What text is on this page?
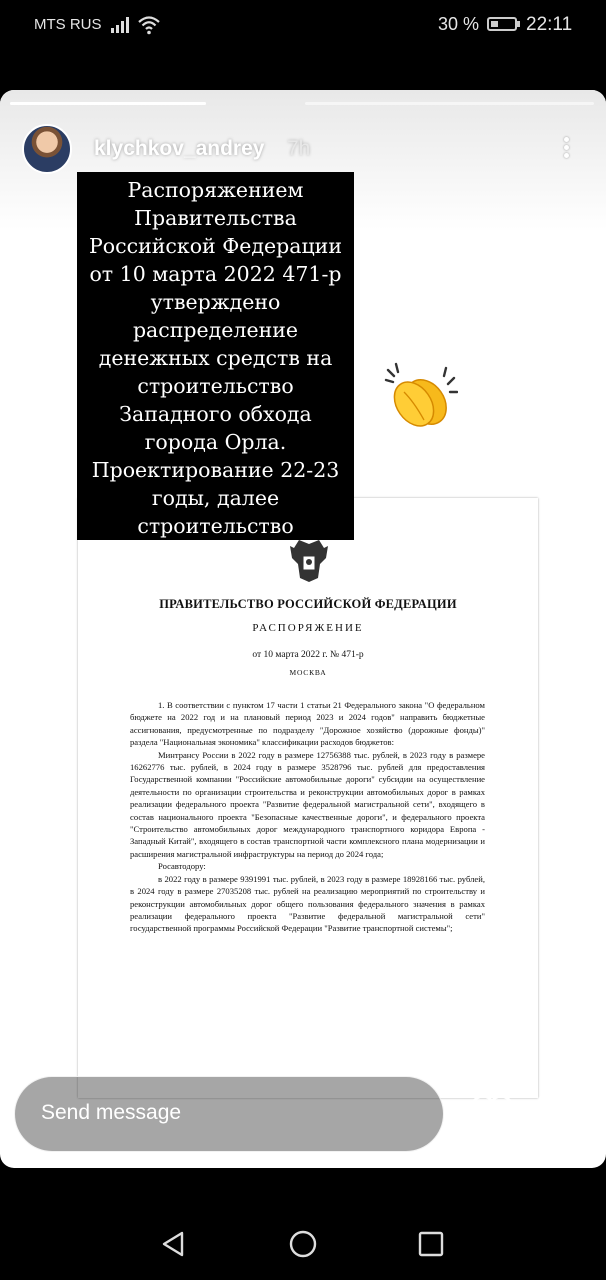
MTS RUS	30 % 22:11
ПРАВИТЕЛЬСТВО РОССИЙСКОЙ ФЕДЕРАЦИИ
РАСПОРЯЖЕНИЕ
от 10 марта 2022 г. № 471-р
МОСКВА

1. В соответствии с пунктом 17 части 1 статьи 21 Федерального закона "О федеральном бюджете на 2022 год и на плановый период 2023 и 2024 годов" направить бюджетные ассигнования, предусмотренные по подразделу "Дорожное хозяйство (дорожные фонды)" раздела "Национальная экономика" классификации расходов бюджетов:

Минтрансу России в 2022 году в размере 12756388 тыс. рублей, в 2023 году в размере 16262776 тыс. рублей, в 2024 году в размере 3528796 тыс. рублей для предоставления Государственной компании "Российские автомобильные дороги" субсидии на осуществление деятельности по организации строительства и реконструкции автомобильных дорог в рамках реализации федерального проекта "Развитие федеральной магистральной сети", входящего в состав национального проекта "Безопасные качественные дороги", и федерального проекта "Строительство автомобильных дорог международного транспортного коридора Европа - Западный Китай", входящего в состав транспортной части комплексного плана модернизации и расширения магистральной инфраструктуры на период до 2024 года;

Росавтодору:

в 2022 году в размере 9391991 тыс. рублей, в 2023 году в размере 18928166 тыс. рублей, в 2024 году в размере 27035208 тыс. рублей на реализацию мероприятий по строительству и реконструкции автомобильных дорог общего пользования федерального значения в рамках реализации федерального проекта "Развитие федеральной магистральной сети" государственной программы Российской Федерации "Развитие транспортной системы";

Распоряжением Правительства Российской Федерации от 10 марта 2022 471-р утверждено распределение денежных средств на строительство Западного обхода города Орла. Проектирование 22-23 годы, далее строительство
klychkov_andrey 7h
Send message
